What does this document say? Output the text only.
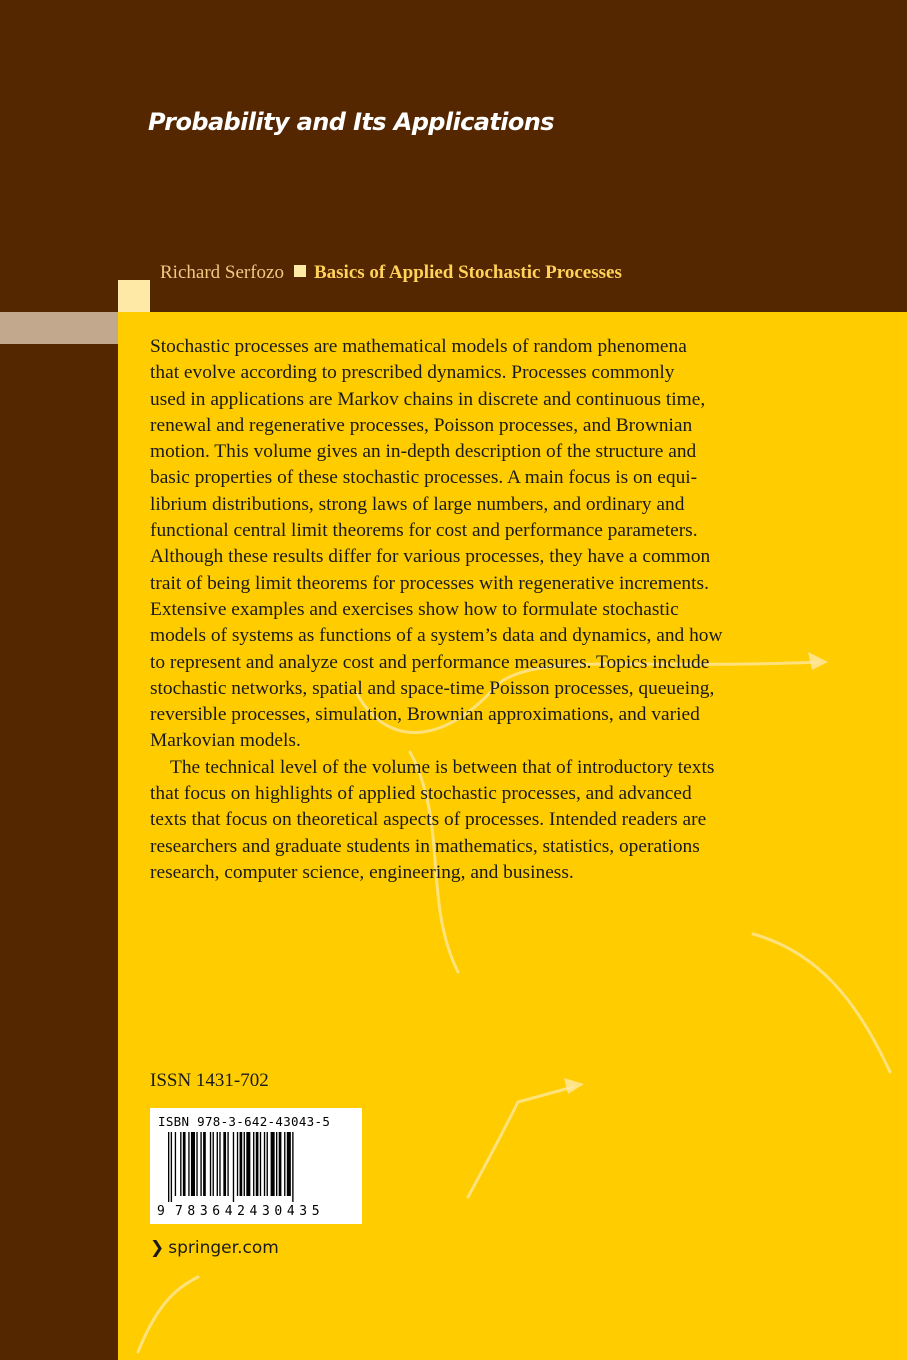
Probability and Its Applications
Richard Serfozo Basics of Applied Stochastic Processes

Stochastic processes are mathematical models of random phenomena

that evolve according to prescribed dynamics. Processes commonly

used in applications are Markov chains in discrete and continuous time,

renewal and regenerative processes, Poisson processes, and Brownian

motion. This volume gives an in-depth description of the structure and

basic properties of these stochastic processes. A main focus is on equi-

librium distributions, strong laws of large numbers, and ordinary and

functional central limit theorems for cost and performance parameters.

Although these results differ for various processes, they have a common

trait of being limit theorems for processes with regenerative increments.

Extensive examples and exercises show how to formulate stochastic

models of systems as functions of a system’s data and dynamics, and how

to represent and analyze cost and performance measures. Topics include

stochastic networks, spatial and space-time Poisson processes, queueing,

reversible processes, simulation, Brownian approximations, and varied

Markovian models.

The technical level of the volume is between that of introductory texts

that focus on highlights of applied stochastic processes, and advanced

texts that focus on theoretical aspects of processes. Intended readers are

researchers and graduate students in mathematics, statistics, operations

research, computer science, engineering, and business.

ISSN 1431-702
ISBN 978-3-642-43043-5
9 783642430435
❯ springer.com
